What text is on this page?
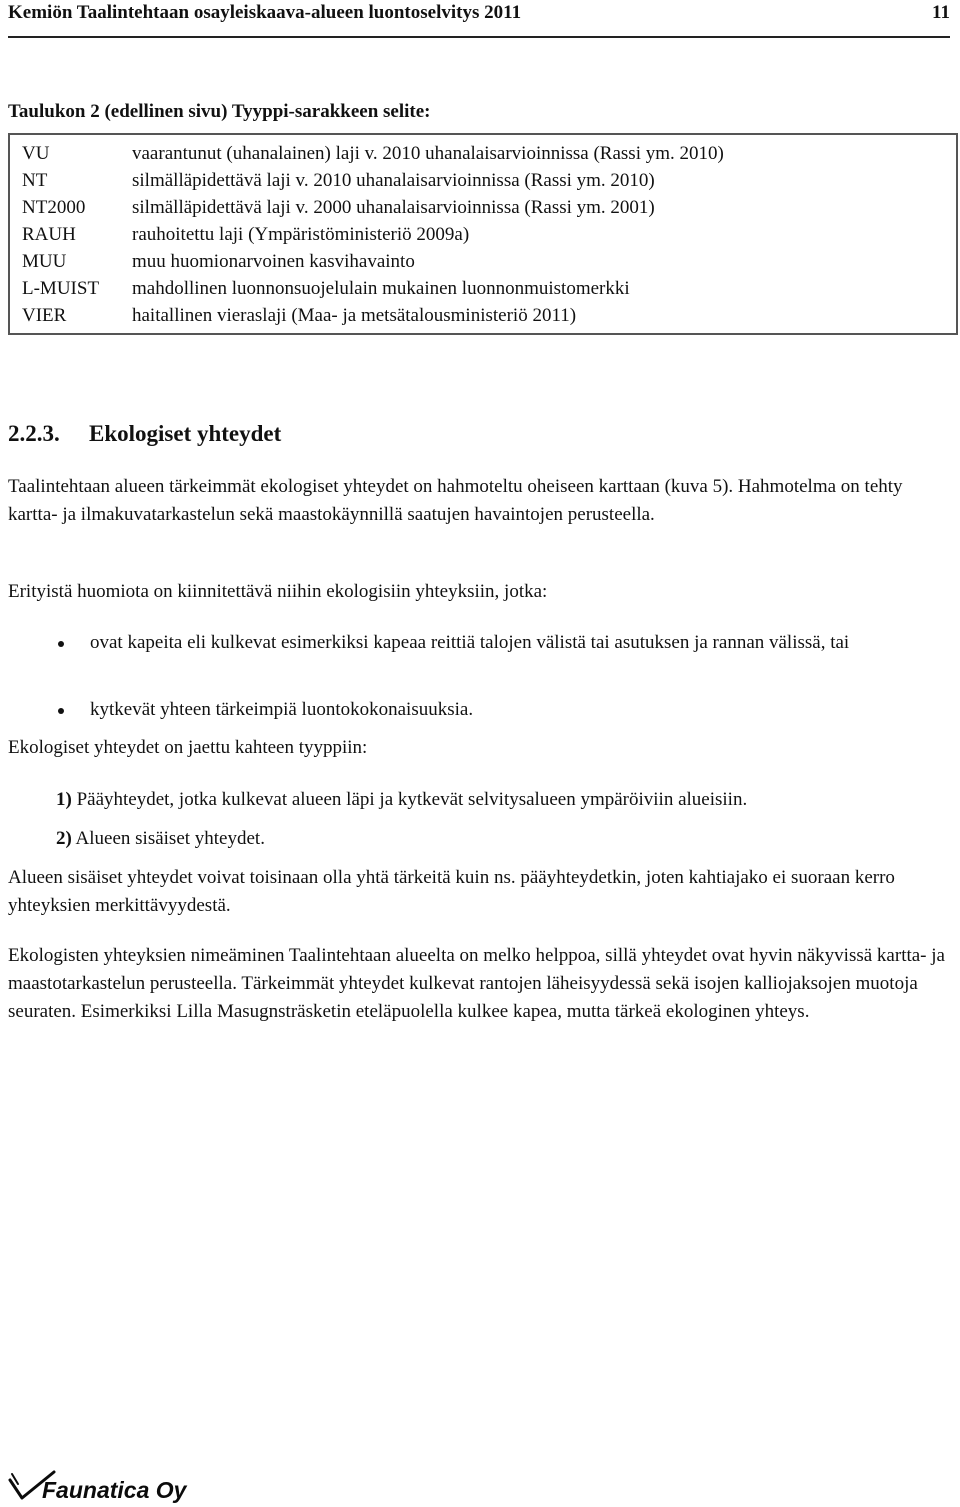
Kemiön Taalintehtaan osayleiskaava-alueen luontoselvitys 2011	11
Taulukon 2 (edellinen sivu) Tyyppi-sarakkeen selite:
VU	vaarantunut (uhanalainen) laji v. 2010 uhanalaisarvioinnissa (Rassi ym. 2010)
NT	silmälläpidettävä laji v. 2010 uhanalaisarvioinnissa (Rassi ym. 2010)
NT2000 silmälläpidettävä laji v. 2000 uhanalaisarvioinnissa (Rassi ym. 2001)
RAUH	rauhoitettu laji (Ympäristöministeriö 2009a)
MUU	muu huomionarvoinen kasvihavainto
L-MUIST mahdollinen luonnonsuojelulain mukainen luonnonmuistomerkki
VIER	haitallinen vieraslaji (Maa- ja metsätalousministeriö 2011)
2.2.3. Ekologiset yhteydet
Taalintehtaan alueen tärkeimmät ekologiset yhteydet on hahmoteltu oheiseen karttaan (kuva 5). Hahmotelma on tehty kartta- ja ilmakuvatarkastelun sekä maastokäynnillä saatujen havaintojen perusteella.
Erityistä huomiota on kiinnitettävä niihin ekologisiin yhteyksiin, jotka:
ovat kapeita eli kulkevat esimerkiksi kapeaa reittiä talojen välistä tai asutuksen ja rannan välissä, tai
kytkevät yhteen tärkeimpiä luontokokonaisuuksia.
Ekologiset yhteydet on jaettu kahteen tyyppiin:
1) Pääyhteydet, jotka kulkevat alueen läpi ja kytkevät selvitysalueen ympäröiviin alueisiin.
2) Alueen sisäiset yhteydet.
Alueen sisäiset yhteydet voivat toisinaan olla yhtä tärkeitä kuin ns. pääyhteydetkin, joten kahtiajako ei suoraan kerro yhteyksien merkittävyydestä.
Ekologisten yhteyksien nimeäminen Taalintehtaan alueelta on melko helppoa, sillä yhteydet ovat hyvin näkyvissä kartta- ja maastotarkastelun perusteella. Tärkeimmät yhteydet kulkevat rantojen läheisyydessä sekä isojen kalliojaksojen muotoja seuraten. Esimerkiksi Lilla Masugnsträsketin eteläpuolella kulkee kapea, mutta tärkeä ekologinen yhteys.
Faunatica Oy
